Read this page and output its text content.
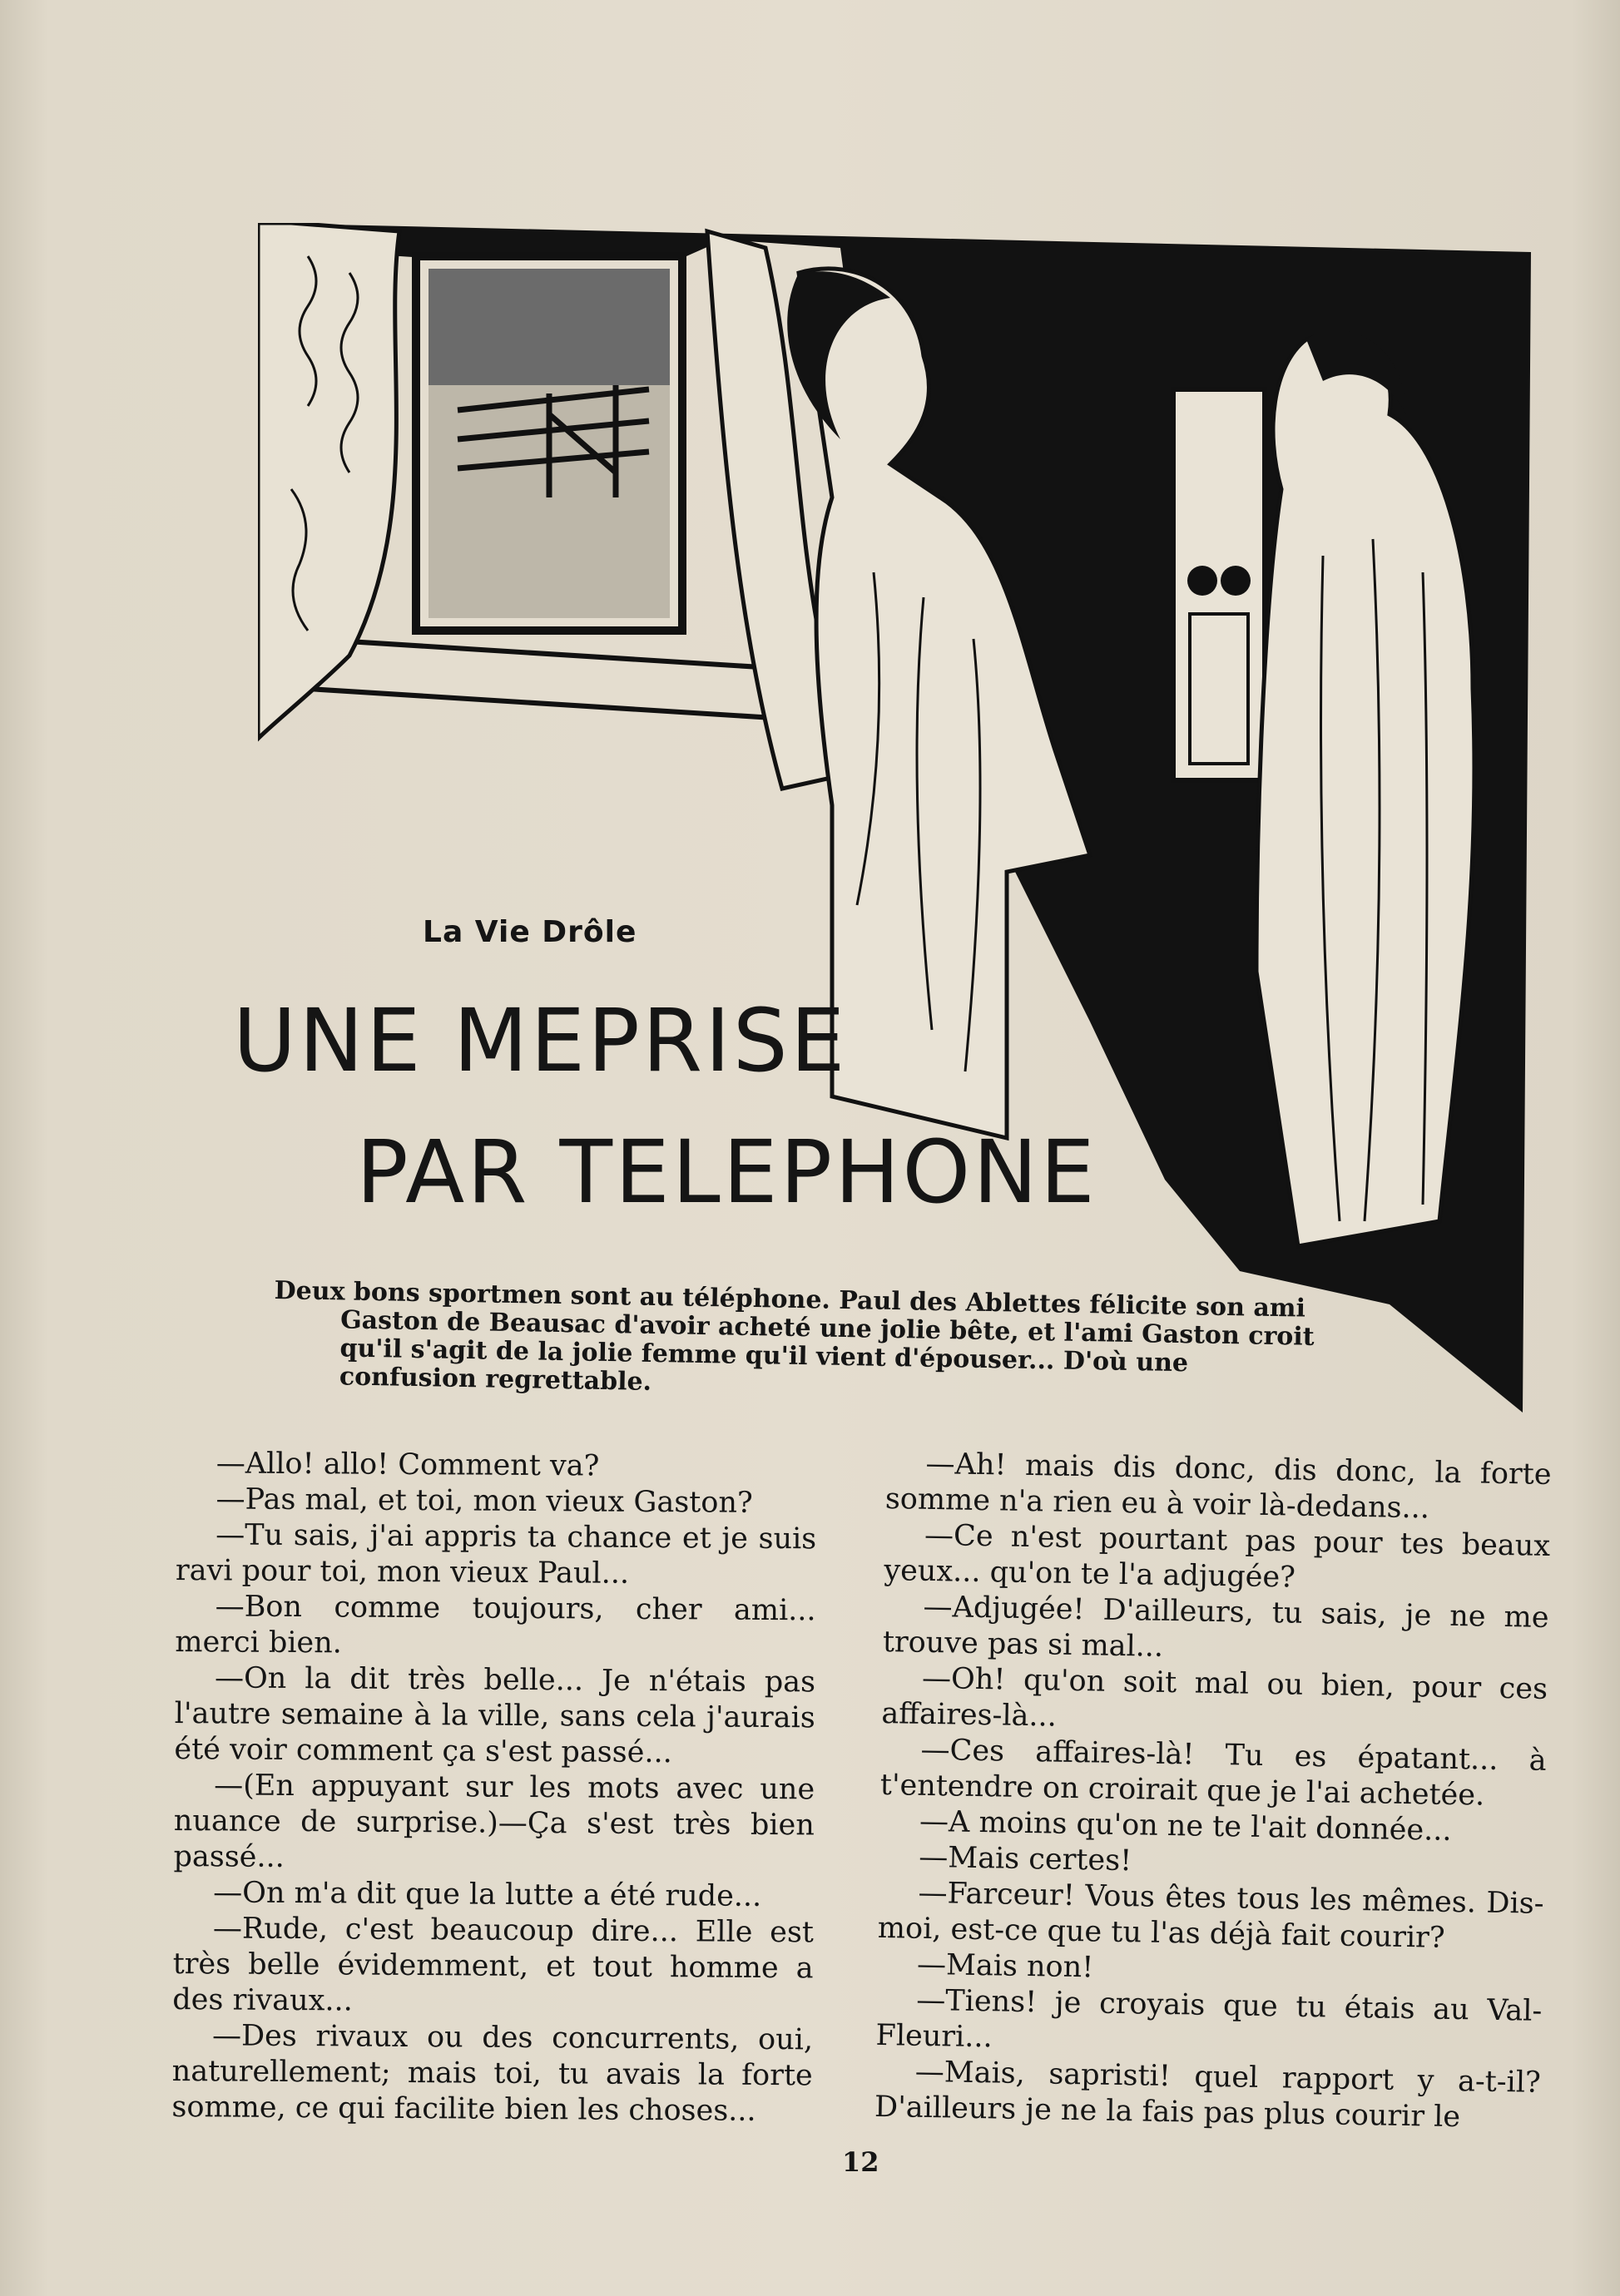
La Vie Drôle
UNE MEPRISE
PAR TELEPHONE

Deux bons sportmen sont au téléphone. Paul des Ablettes félicite son ami Gaston de Beausac d'avoir acheté une jolie bête, et l'ami Gaston croit qu'il s'agit de la jolie femme qu'il vient d'épouser... D'où une confusion regrettable.

—Allo! allo! Comment va?

—Pas mal, et toi, mon vieux Gaston?

—Tu sais, j'ai appris ta chance et je suis ravi pour toi, mon vieux Paul...

—Bon comme toujours, cher ami... merci bien.

—On la dit très belle... Je n'étais pas l'autre semaine à la ville, sans cela j'aurais été voir comment ça s'est passé...

—(En appuyant sur les mots avec une nuance de surprise.)—Ça s'est très bien passé...

—On m'a dit que la lutte a été rude...

—Rude, c'est beaucoup dire... Elle est très belle évidemment, et tout homme a des rivaux...

—Des rivaux ou des concurrents, oui, naturellement; mais toi, tu avais la forte somme, ce qui facilite bien les choses...

—Ah! mais dis donc, dis donc, la forte somme n'a rien eu à voir là-dedans...

—Ce n'est pourtant pas pour tes beaux yeux... qu'on te l'a adjugée?

—Adjugée! D'ailleurs, tu sais, je ne me trouve pas si mal...

—Oh! qu'on soit mal ou bien, pour ces affaires-là...

—Ces affaires-là! Tu es épatant... à t'entendre on croirait que je l'ai achetée.

—A moins qu'on ne te l'ait donnée...

—Mais certes!

—Farceur! Vous êtes tous les mêmes. Dis-moi, est-ce que tu l'as déjà fait courir?

—Mais non!

—Tiens! je croyais que tu étais au Val-Fleuri...

—Mais, sapristi! quel rapport y a-t-il? D'ailleurs je ne la fais pas plus courir le

12
